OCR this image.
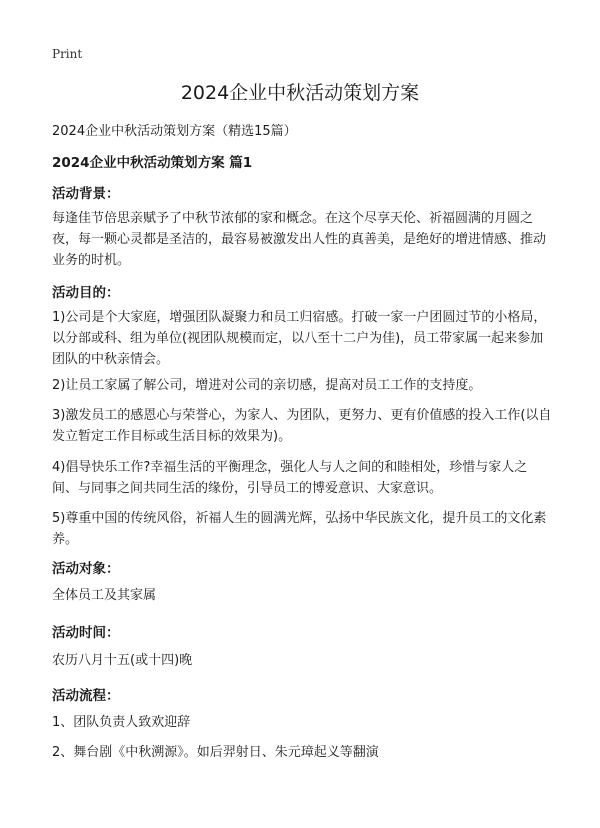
Print
2024企业中秋活动策划方案

2024企业中秋活动策划方案（精选15篇）

2024企业中秋活动策划方案 篇1

活动背景：

每逢佳节倍思亲赋予了中秋节浓郁的家和概念。在这个尽享天伦、祈福圆满的月圆之夜，每一颗心灵都是圣洁的，最容易被激发出人性的真善美，是绝好的增进情感、推动业务的时机。

活动目的：

1)公司是个大家庭，增强团队凝聚力和员工归宿感。打破一家一户团圆过节的小格局，以分部或科、组为单位(视团队规模而定，以八至十二户为佳)，员工带家属一起来参加团队的中秋亲情会。

2)让员工家属了解公司，增进对公司的亲切感，提高对员工工作的支持度。

3)激发员工的感恩心与荣誉心，为家人、为团队，更努力、更有价值感的投入工作(以自发立暂定工作目标或生活目标的效果为)。

4)倡导快乐工作?幸福生活的平衡理念，强化人与人之间的和睦相处，珍惜与家人之间、与同事之间共同生活的缘份，引导员工的博爱意识、大家意识。

5)尊重中国的传统风俗，祈福人生的圆满光辉，弘扬中华民族文化，提升员工的文化素养。

活动对象：

全体员工及其家属

活动时间：

农历八月十五(或十四)晚

活动流程：

1、团队负责人致欢迎辞

2、舞台剧《中秋溯源》。如后羿射日、朱元璋起义等翻演
